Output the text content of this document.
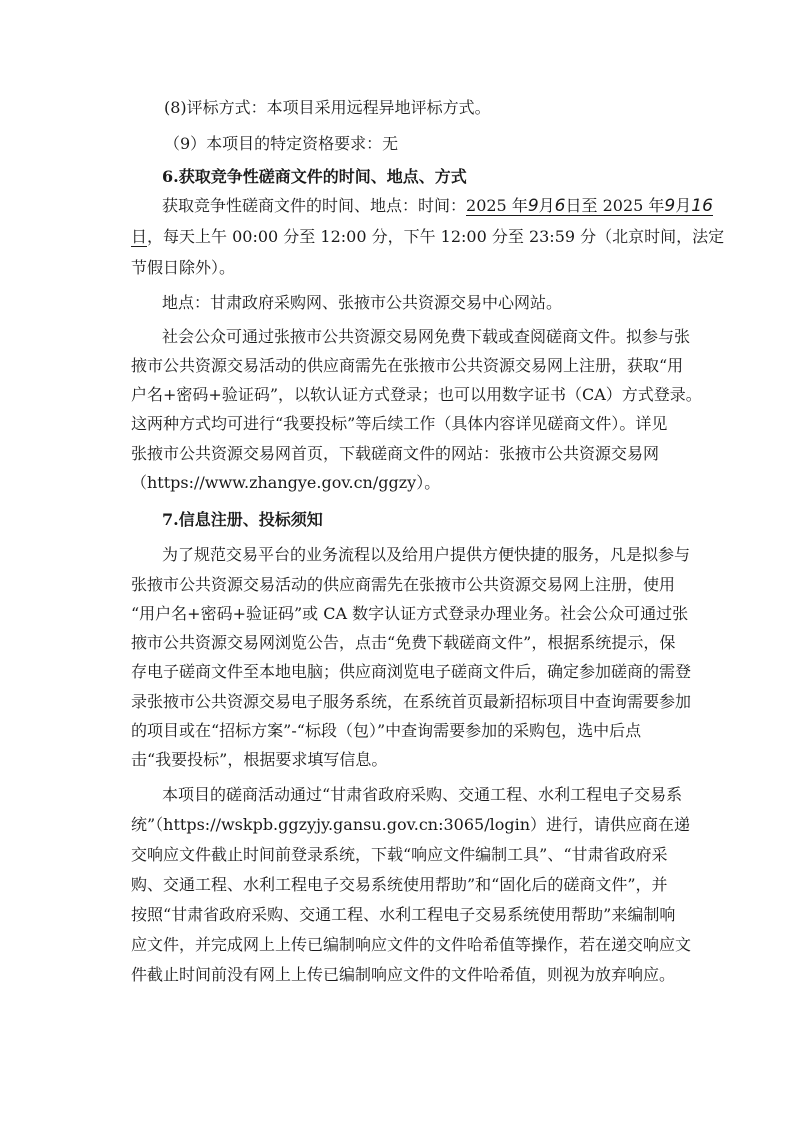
(8)评标方式：本项目采用远程异地评标方式。
（9）本项目的特定资格要求：无
6.获取竞争性磋商文件的时间、地点、方式
获取竞争性磋商文件的时间、地点：时间：2025 年9月6日至 2025 年9月16
日，每天上午 00:00 分至 12:00 分，下午 12:00 分至 23:59 分（北京时间，法定
节假日除外）。
地点：甘肃政府采购网、张掖市公共资源交易中心网站。
社会公众可通过张掖市公共资源交易网免费下载或查阅磋商文件。拟参与张
掖市公共资源交易活动的供应商需先在张掖市公共资源交易网上注册，获取“用
户名+密码+验证码”，以软认证方式登录；也可以用数字证书（CA）方式登录。
这两种方式均可进行“我要投标”等后续工作（具体内容详见磋商文件）。详见
张掖市公共资源交易网首页，下载磋商文件的网站：张掖市公共资源交易网
（https://www.zhangye.gov.cn/ggzy）。
7.信息注册、投标须知
为了规范交易平台的业务流程以及给用户提供方便快捷的服务，凡是拟参与
张掖市公共资源交易活动的供应商需先在张掖市公共资源交易网上注册，使用
“用户名+密码+验证码”或 CA 数字认证方式登录办理业务。社会公众可通过张
掖市公共资源交易网浏览公告，点击“免费下载磋商文件”，根据系统提示，保
存电子磋商文件至本地电脑；供应商浏览电子磋商文件后，确定参加磋商的需登
录张掖市公共资源交易电子服务系统，在系统首页最新招标项目中查询需要参加
的项目或在“招标方案”-“标段（包）”中查询需要参加的采购包，选中后点
击“我要投标”，根据要求填写信息。
本项目的磋商活动通过“甘肃省政府采购、交通工程、水利工程电子交易系
统”（https://wskpb.ggzyjy.gansu.gov.cn:3065/login）进行，请供应商在递
交响应文件截止时间前登录系统，下载“响应文件编制工具”、“甘肃省政府采
购、交通工程、水利工程电子交易系统使用帮助”和“固化后的磋商文件”，并
按照“甘肃省政府采购、交通工程、水利工程电子交易系统使用帮助”来编制响
应文件，并完成网上上传已编制响应文件的文件哈希值等操作，若在递交响应文
件截止时间前没有网上上传已编制响应文件的文件哈希值，则视为放弃响应。
